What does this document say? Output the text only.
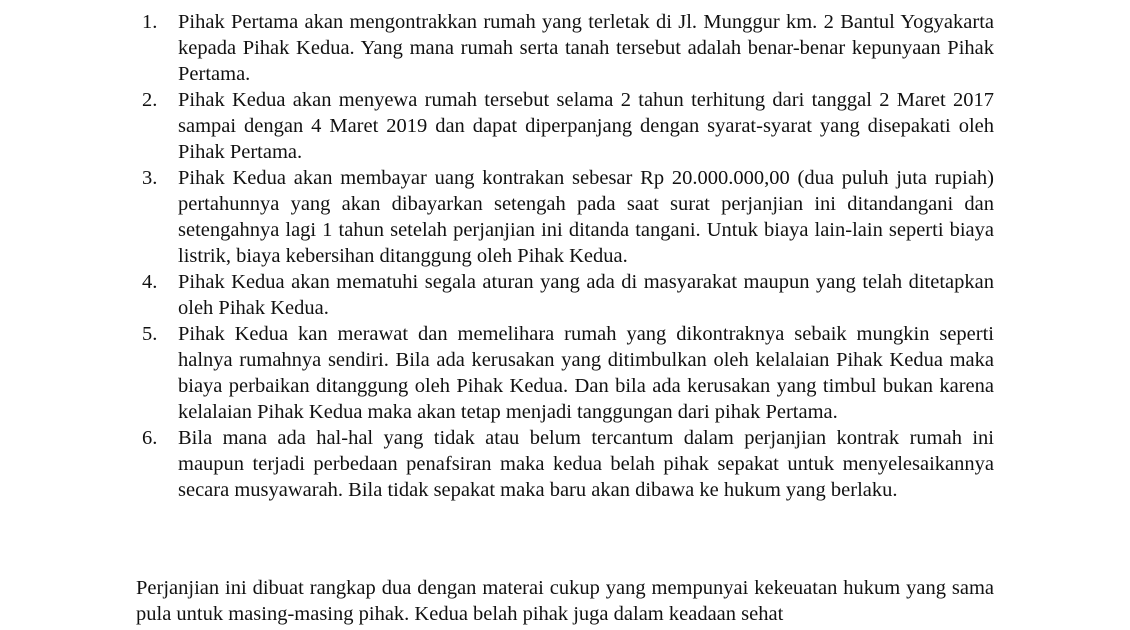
1.	Pihak Pertama akan mengontrakkan rumah yang terletak di Jl. Munggur km. 2 Bantul Yogyakarta kepada Pihak Kedua. Yang mana rumah serta tanah tersebut adalah benar-benar kepunyaan Pihak Pertama.
2.	Pihak Kedua akan menyewa rumah tersebut selama 2 tahun terhitung dari tanggal 2 Maret 2017 sampai dengan 4 Maret 2019 dan dapat diperpanjang dengan syarat-syarat yang disepakati oleh Pihak Pertama.
3.	Pihak Kedua akan membayar uang kontrakan sebesar Rp 20.000.000,00 (dua puluh juta rupiah) pertahunnya yang akan dibayarkan setengah pada saat surat perjanjian ini ditandangani dan setengahnya lagi 1 tahun setelah perjanjian ini ditanda tangani. Untuk biaya lain-lain seperti biaya listrik, biaya kebersihan ditanggung oleh Pihak Kedua.
4.	Pihak Kedua akan mematuhi segala aturan yang ada di masyarakat maupun yang telah ditetapkan oleh Pihak Kedua.
5.	Pihak Kedua kan merawat dan memelihara rumah yang dikontraknya sebaik mungkin seperti halnya rumahnya sendiri. Bila ada kerusakan yang ditimbulkan oleh kelalaian Pihak Kedua maka biaya perbaikan ditanggung oleh Pihak Kedua. Dan bila ada kerusakan yang timbul bukan karena kelalaian Pihak Kedua maka akan tetap menjadi tanggungan dari pihak Pertama.
6.	Bila mana ada hal-hal yang tidak atau belum tercantum dalam perjanjian kontrak rumah ini maupun terjadi perbedaan penafsiran maka kedua belah pihak sepakat untuk menyelesaikannya secara musyawarah. Bila tidak sepakat maka baru akan dibawa ke hukum yang berlaku.

Perjanjian ini dibuat rangkap dua dengan materai cukup yang mempunyai kekeuatan hukum yang sama pula untuk masing-masing pihak. Kedua belah pihak juga dalam keadaan sehat
